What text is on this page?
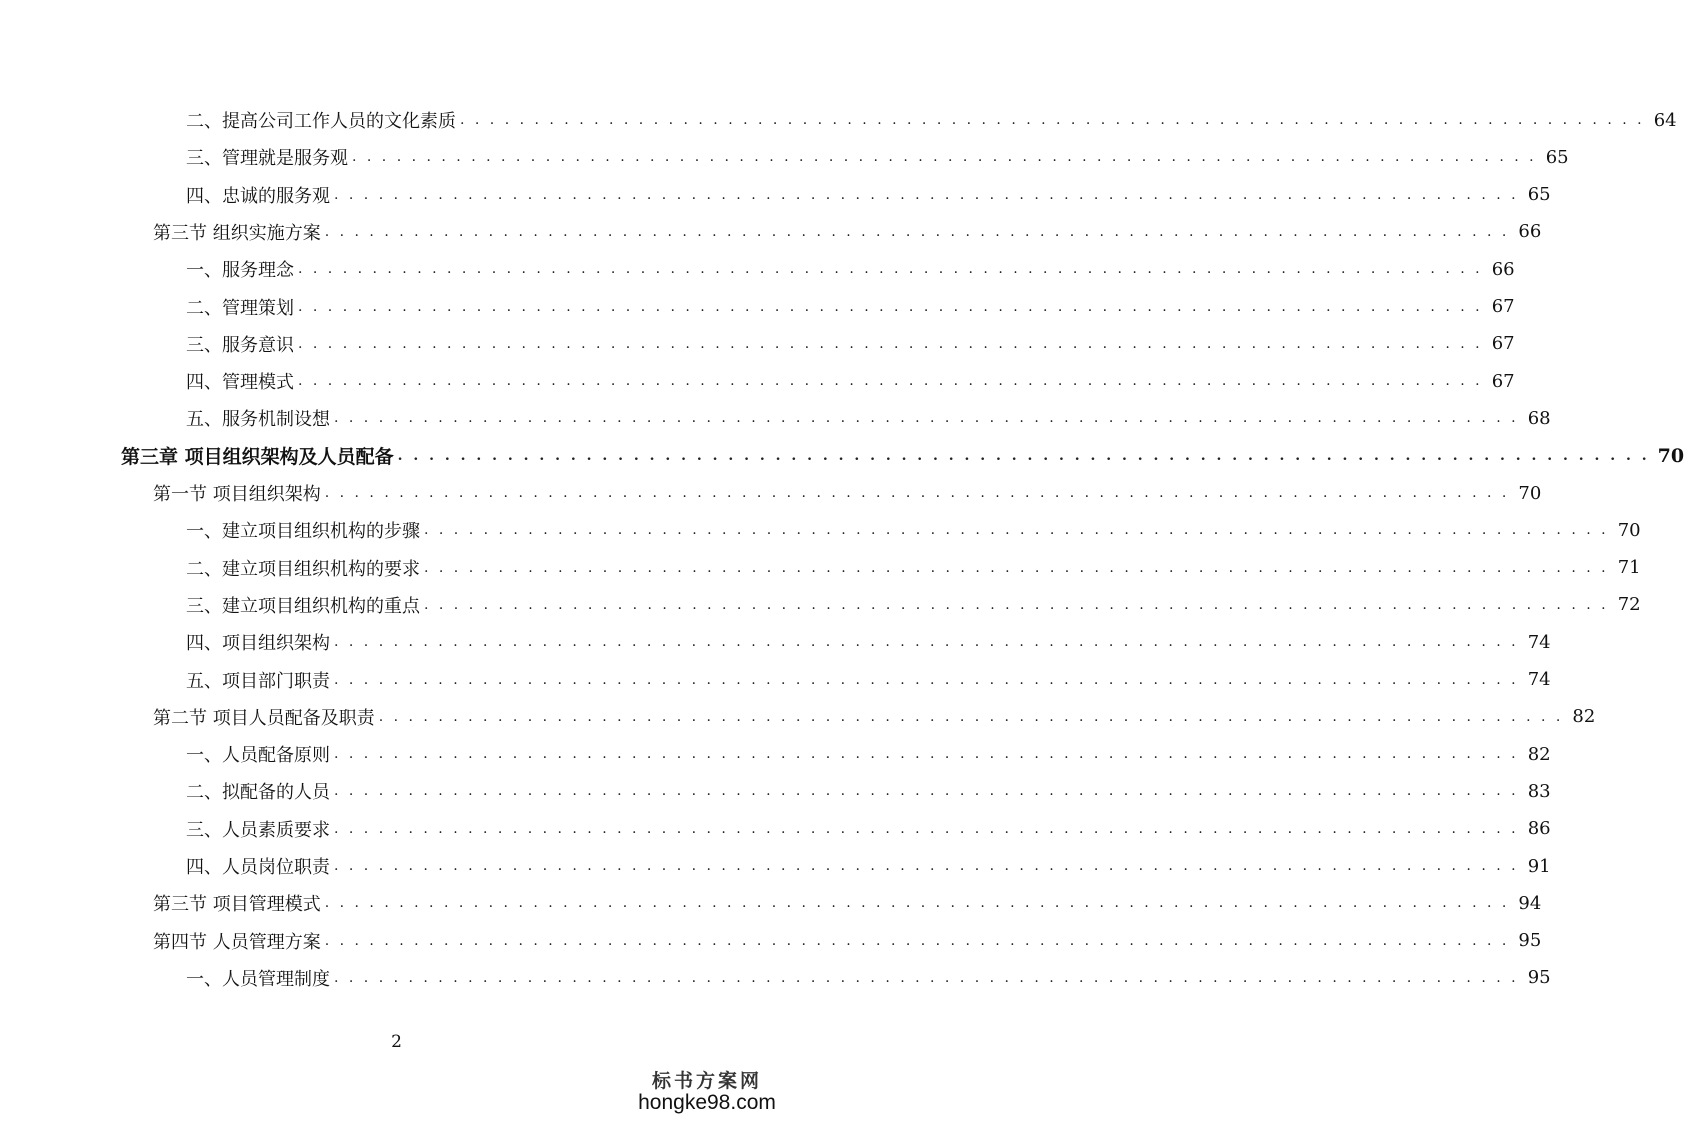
二、提高公司工作人员的文化素质 . . . . . . . . . . . . . . . . . . . . . . . . . . . . . . . . . . . . . . . . . . . . . . . . . . . . . . . . . . . . . . . . . . . . . . . . . . . . . . . . 64
三、管理就是服务观 . . . . . . . . . . . . . . . . . . . . . . . . . . . . . . . . . . . . . . . . . . . . . . . . . . . . . . . . . . . . . . . . . . . . . . . . . . . . . . . . 65
四、忠诚的服务观 . . . . . . . . . . . . . . . . . . . . . . . . . . . . . . . . . . . . . . . . . . . . . . . . . . . . . . . . . . . . . . . . . . . . . . . . . . . . . . . . 65
第三节 组织实施方案 . . . . . . . . . . . . . . . . . . . . . . . . . . . . . . . . . . . . . . . . . . . . . . . . . . . . . . . . . . . . . . . . . . . . . . . . . . . . . . . . 66
一、服务理念 . . . . . . . . . . . . . . . . . . . . . . . . . . . . . . . . . . . . . . . . . . . . . . . . . . . . . . . . . . . . . . . . . . . . . . . . . . . . . . . . 66
二、管理策划 . . . . . . . . . . . . . . . . . . . . . . . . . . . . . . . . . . . . . . . . . . . . . . . . . . . . . . . . . . . . . . . . . . . . . . . . . . . . . . . . 67
三、服务意识 . . . . . . . . . . . . . . . . . . . . . . . . . . . . . . . . . . . . . . . . . . . . . . . . . . . . . . . . . . . . . . . . . . . . . . . . . . . . . . . . 67
四、管理模式 . . . . . . . . . . . . . . . . . . . . . . . . . . . . . . . . . . . . . . . . . . . . . . . . . . . . . . . . . . . . . . . . . . . . . . . . . . . . . . . . 67
五、服务机制设想 . . . . . . . . . . . . . . . . . . . . . . . . . . . . . . . . . . . . . . . . . . . . . . . . . . . . . . . . . . . . . . . . . . . . . . . . . . . . . . . . 68
第三章 项目组织架构及人员配备 . . . . . . . . . . . . . . . . . . . . . . . . . . . . . . . . . . . . . . . . . . . . . . . . . . . . . . . . . . . . . . . . . . . . . . . . . . . . . . . . 70
第一节 项目组织架构 . . . . . . . . . . . . . . . . . . . . . . . . . . . . . . . . . . . . . . . . . . . . . . . . . . . . . . . . . . . . . . . . . . . . . . . . . . . . . . . . 70
一、建立项目组织机构的步骤 . . . . . . . . . . . . . . . . . . . . . . . . . . . . . . . . . . . . . . . . . . . . . . . . . . . . . . . . . . . . . . . . . . . . . . . . . . . . . . . . 70
二、建立项目组织机构的要求 . . . . . . . . . . . . . . . . . . . . . . . . . . . . . . . . . . . . . . . . . . . . . . . . . . . . . . . . . . . . . . . . . . . . . . . . . . . . . . . . 71
三、建立项目组织机构的重点 . . . . . . . . . . . . . . . . . . . . . . . . . . . . . . . . . . . . . . . . . . . . . . . . . . . . . . . . . . . . . . . . . . . . . . . . . . . . . . . . 72
四、项目组织架构 . . . . . . . . . . . . . . . . . . . . . . . . . . . . . . . . . . . . . . . . . . . . . . . . . . . . . . . . . . . . . . . . . . . . . . . . . . . . . . . . 74
五、项目部门职责 . . . . . . . . . . . . . . . . . . . . . . . . . . . . . . . . . . . . . . . . . . . . . . . . . . . . . . . . . . . . . . . . . . . . . . . . . . . . . . . . 74
第二节 项目人员配备及职责 . . . . . . . . . . . . . . . . . . . . . . . . . . . . . . . . . . . . . . . . . . . . . . . . . . . . . . . . . . . . . . . . . . . . . . . . . . . . . . . . 82
一、人员配备原则 . . . . . . . . . . . . . . . . . . . . . . . . . . . . . . . . . . . . . . . . . . . . . . . . . . . . . . . . . . . . . . . . . . . . . . . . . . . . . . . . 82
二、拟配备的人员 . . . . . . . . . . . . . . . . . . . . . . . . . . . . . . . . . . . . . . . . . . . . . . . . . . . . . . . . . . . . . . . . . . . . . . . . . . . . . . . . 83
三、人员素质要求 . . . . . . . . . . . . . . . . . . . . . . . . . . . . . . . . . . . . . . . . . . . . . . . . . . . . . . . . . . . . . . . . . . . . . . . . . . . . . . . . 86
四、人员岗位职责 . . . . . . . . . . . . . . . . . . . . . . . . . . . . . . . . . . . . . . . . . . . . . . . . . . . . . . . . . . . . . . . . . . . . . . . . . . . . . . . . 91
第三节 项目管理模式 . . . . . . . . . . . . . . . . . . . . . . . . . . . . . . . . . . . . . . . . . . . . . . . . . . . . . . . . . . . . . . . . . . . . . . . . . . . . . . . . 94
第四节 人员管理方案 . . . . . . . . . . . . . . . . . . . . . . . . . . . . . . . . . . . . . . . . . . . . . . . . . . . . . . . . . . . . . . . . . . . . . . . . . . . . . . . . 95
一、人员管理制度 . . . . . . . . . . . . . . . . . . . . . . . . . . . . . . . . . . . . . . . . . . . . . . . . . . . . . . . . . . . . . . . . . . . . . . . . . . . . . . . . 95
2
标书方案网
hongke98.com
